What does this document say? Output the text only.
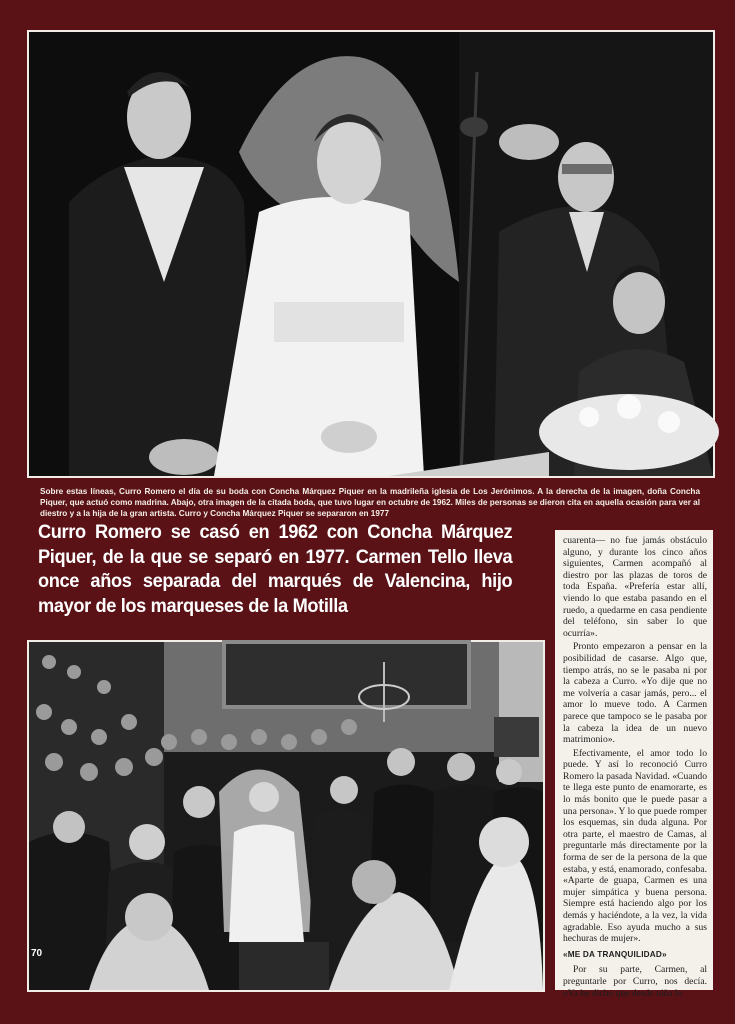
Sobre estas líneas, Curro Romero el día de su boda con Concha Márquez Piquer en la madrileña iglesia de Los Jerónimos. A la derecha de la imagen, doña Concha Piquer, que actuó como madrina. Abajo, otra imagen de la citada boda, que tuvo lugar en octubre de 1962. Miles de personas se dieron cita en aquella ocasión para ver al diestro y a la hija de la gran artista. Curro y Concha Márquez Piquer se separaron en 1977
Curro Romero se casó en 1962 con Concha Márquez Piquer, de la que se separó en 1977. Carmen Tello lleva once años separada del marqués de Valencina, hijo mayor de los marqueses de la Motilla
70

cuarenta— no fue jamás obstáculo alguno, y durante los cinco años siguientes, Carmen acompañó al diestro por las plazas de toros de toda España. «Prefería estar allí, viendo lo que estaba pasando en el ruedo, a quedarme en casa pendiente del teléfono, sin saber lo que ocurría».

Pronto empezaron a pensar en la posibilidad de casarse. Algo que, tiempo atrás, no se le pasaba ni por la cabeza a Curro. «Yo dije que no me volvería a casar jamás, pero... el amor lo mueve todo. A Carmen parece que tampoco se le pasaba por la cabeza la idea de un nuevo matrimonio».

Efectivamente, el amor todo lo puede. Y así lo reconoció Curro Romero la pasada Navidad. «Cuando te llega este punto de enamorarte, es lo más bonito que le puede pasar a una persona». Y lo que puede romper los esquemas, sin duda alguna. Por otra parte, el maestro de Camas, al preguntarle más directamente por la forma de ser de la persona de la que estaba, y está, enamorado, confesaba. «Aparte de guapa, Carmen es una mujer simpática y buena persona. Siempre está haciendo algo por los demás y haciéndote, a la vez, la vida agradable. Eso ayuda mucho a sus hechuras de mujer».

«ME DA TRANQUILIDAD»

Por su parte, Carmen, al preguntarle por Curro, nos decía. «Ya he dicho que desde niña lo
